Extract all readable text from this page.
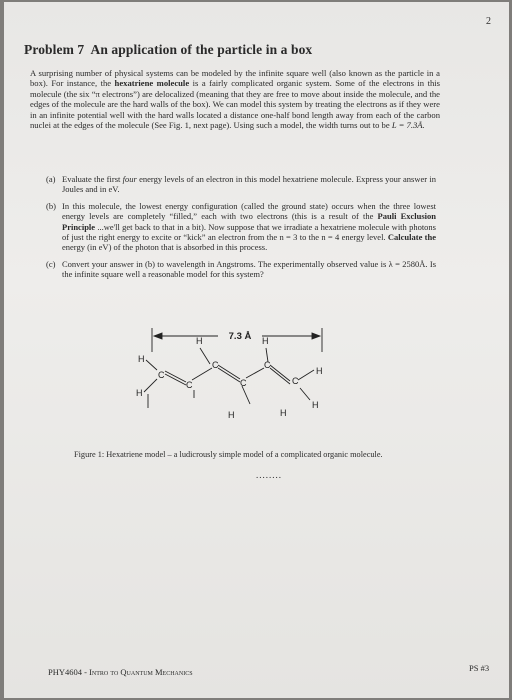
2
Problem 7 An application of the particle in a box
A surprising number of physical systems can be modeled by the infinite square well (also known as the particle in a box). For instance, the hexatriene molecule is a fairly complicated organic system. Some of the electrons in this molecule (the six “π electrons”) are delocalized (meaning that they are free to move about inside the molecule, and the edges of the molecule are the hard walls of the box). We can model this system by treating the electrons as if they were in an infinite potential well with the hard walls located a distance one-half bond length away from each of the carbon nuclei at the edges of the molecule (See Fig. 1, next page). Using such a model, the width turns out to be L = 7.3Å.
(a) Evaluate the first four energy levels of an electron in this model hexatriene molecule. Express your answer in Joules and in eV.
(b) In this molecule, the lowest energy configuration (called the ground state) occurs when the three lowest energy levels are completely “filled,” each with two electrons (this is a result of the Pauli Exclusion Principle ...we'll get back to that in a bit). Now suppose that we irradiate a hexatriene molecule with photons of just the right energy to excite or “kick” an electron from the n = 3 to the n = 4 energy level. Calculate the energy (in eV) of the photon that is absorbed in this process.
(c) Convert your answer in (b) to wavelength in Angstroms. The experimentally observed value is λ = 2580Å. Is the infinite square well a reasonable model for this system?
7.3 Å
H
H
C
H
C
C
H
H
C
C
H
C
H
H
Figure 1: Hexatriene model – a ludicrously simple model of a complicated organic molecule.
........
PHY4604 - Intro to Quantum Mechanics	PS #3
